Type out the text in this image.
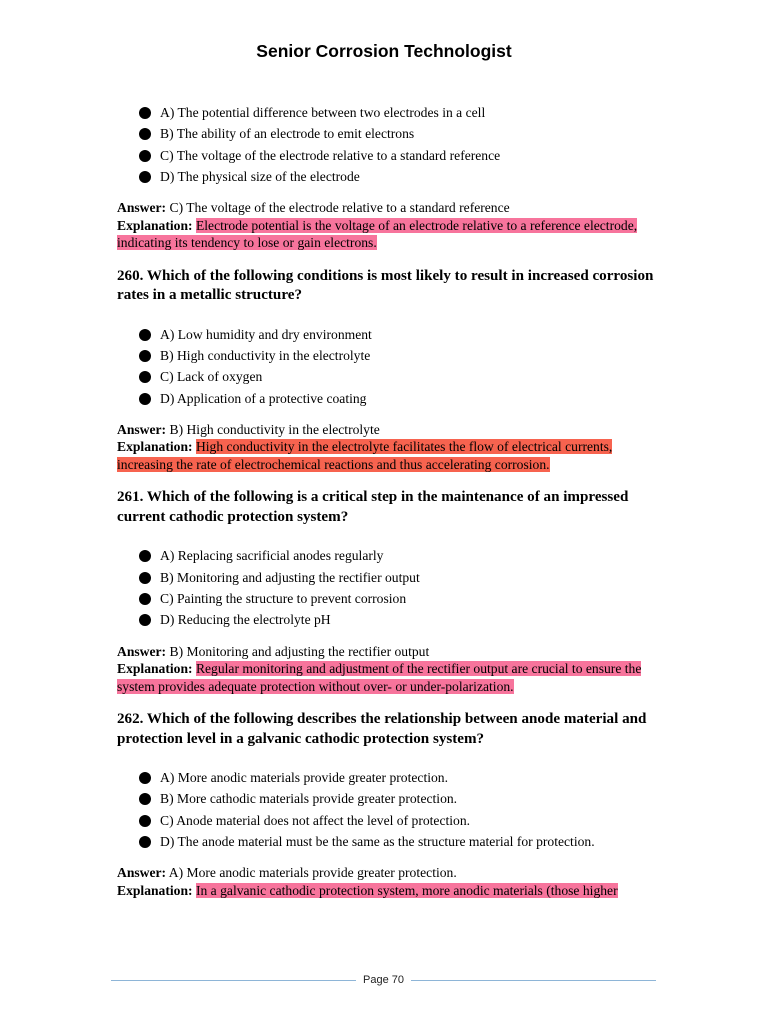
Senior Corrosion Technologist
A) The potential difference between two electrodes in a cell
B) The ability of an electrode to emit electrons
C) The voltage of the electrode relative to a standard reference
D) The physical size of the electrode
Answer: C) The voltage of the electrode relative to a standard reference
Explanation: Electrode potential is the voltage of an electrode relative to a reference electrode, indicating its tendency to lose or gain electrons.
260. Which of the following conditions is most likely to result in increased corrosion rates in a metallic structure?
A) Low humidity and dry environment
B) High conductivity in the electrolyte
C) Lack of oxygen
D) Application of a protective coating
Answer: B) High conductivity in the electrolyte
Explanation: High conductivity in the electrolyte facilitates the flow of electrical currents, increasing the rate of electrochemical reactions and thus accelerating corrosion.
261. Which of the following is a critical step in the maintenance of an impressed current cathodic protection system?
A) Replacing sacrificial anodes regularly
B) Monitoring and adjusting the rectifier output
C) Painting the structure to prevent corrosion
D) Reducing the electrolyte pH
Answer: B) Monitoring and adjusting the rectifier output
Explanation: Regular monitoring and adjustment of the rectifier output are crucial to ensure the system provides adequate protection without over- or under-polarization.
262. Which of the following describes the relationship between anode material and protection level in a galvanic cathodic protection system?
A) More anodic materials provide greater protection.
B) More cathodic materials provide greater protection.
C) Anode material does not affect the level of protection.
D) The anode material must be the same as the structure material for protection.
Answer: A) More anodic materials provide greater protection.
Explanation: In a galvanic cathodic protection system, more anodic materials (those higher
Page 70
